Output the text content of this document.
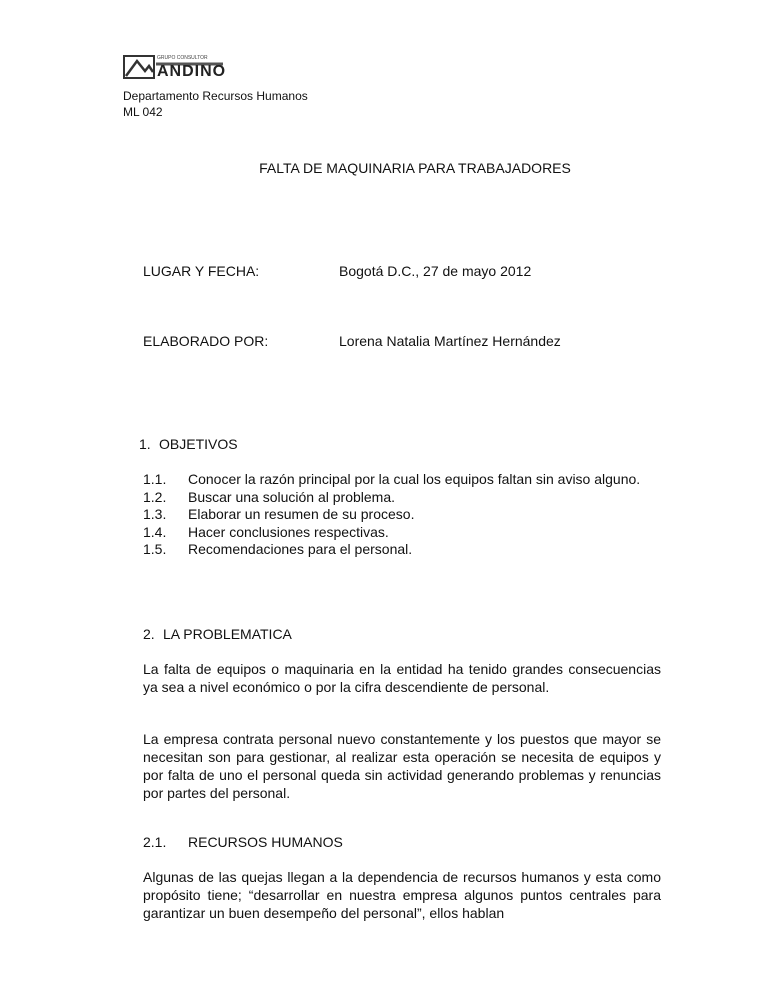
ANDINO
GRUPO CONSULTOR
Departamento Recursos Humanos
ML 042
FALTA DE MAQUINARIA PARA TRABAJADORES
LUGAR Y FECHA:	Bogotá D.C., 27 de mayo 2012
ELABORADO POR:	Lorena Natalia Martínez Hernández
1. OBJETIVOS
1.1.	Conocer la razón principal por la cual los equipos faltan sin aviso alguno.
1.2.	Buscar una solución al problema.
1.3.	Elaborar un resumen de su proceso.
1.4.	Hacer conclusiones respectivas.
1.5.	Recomendaciones para el personal.
2. LA PROBLEMATICA
La falta de equipos o maquinaria en la entidad ha tenido grandes consecuencias ya sea a nivel económico o por la cifra descendiente de personal.
La empresa contrata personal nuevo constantemente y los puestos que mayor se necesitan son para gestionar, al realizar esta operación se necesita de equipos y por falta de uno el personal queda sin actividad generando problemas y renuncias por partes del personal.
2.1. RECURSOS HUMANOS
Algunas de las quejas llegan a la dependencia de recursos humanos y esta como propósito tiene; “desarrollar en nuestra empresa algunos puntos centrales para garantizar un buen desempeño del personal”, ellos hablan
